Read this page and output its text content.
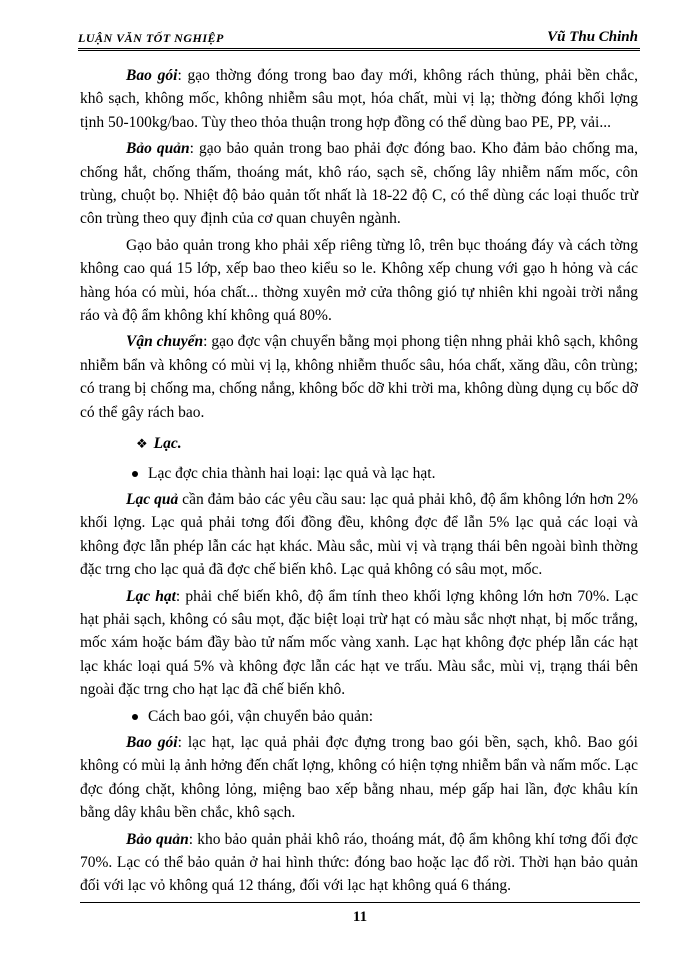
LUẬN VĂN TỐT NGHIỆP	Vũ Thu Chinh

Bao gói: gạo thờng đóng trong bao đay mới, không rách thủng, phải bền chắc, khô sạch, không mốc, không nhiễm sâu mọt, hóa chất, mùi vị lạ; thờng đóng khối lợng tịnh 50-100kg/bao. Tùy theo thỏa thuận trong hợp đồng có thể dùng bao PE, PP, vải...

Bảo quản: gạo bảo quản trong bao phải đợc đóng bao. Kho đảm bảo chống ma, chống hắt, chống thấm, thoáng mát, khô ráo, sạch sẽ, chống lây nhiễm nấm mốc, côn trùng, chuột bọ. Nhiệt độ bảo quản tốt nhất là 18-22 độ C, có thể dùng các loại thuốc trừ côn trùng theo quy định của cơ quan chuyên ngành.

Gạo bảo quản trong kho phải xếp riêng từng lô, trên bục thoáng đáy và cách tờng không cao quá 15 lớp, xếp bao theo kiểu so le. Không xếp chung với gạo h hỏng và các hàng hóa có mùi, hóa chất... thờng xuyên mở cửa thông gió tự nhiên khi ngoài trời nắng ráo và độ ẩm không khí không quá 80%.

Vận chuyển: gạo đợc vận chuyển bằng mọi phong tiện nhng phải khô sạch, không nhiễm bẩn và không có mùi vị lạ, không nhiễm thuốc sâu, hóa chất, xăng dầu, côn trùng; có trang bị chống ma, chống nắng, không bốc dỡ khi trời ma, không dùng dụng cụ bốc dỡ có thể gây rách bao.

❖ Lạc.

Lạc đợc chia thành hai loại: lạc quả và lạc hạt.

Lạc quả cần đảm bảo các yêu cầu sau: lạc quả phải khô, độ ẩm không lớn hơn 2% khối lợng. Lạc quả phải tơng đối đồng đều, không đợc để lẫn 5% lạc quả các loại và không đợc lẫn phép lẫn các hạt khác. Màu sắc, mùi vị và trạng thái bên ngoài bình thờng đặc trng cho lạc quả đã đợc chế biến khô. Lạc quả không có sâu mọt, mốc.

Lạc hạt: phải chế biến khô, độ ẩm tính theo khối lợng không lớn hơn 70%. Lạc hạt phải sạch, không có sâu mọt, đặc biệt loại trừ hạt có màu sắc nhợt nhạt, bị mốc trắng, mốc xám hoặc bám đầy bào tử nấm mốc vàng xanh. Lạc hạt không đợc phép lẫn các hạt lạc khác loại quá 5% và không đợc lẫn các hạt ve trấu. Màu sắc, mùi vị, trạng thái bên ngoài đặc trng cho hạt lạc đã chế biến khô.

Cách bao gói, vận chuyển bảo quản:

Bao gói: lạc hạt, lạc quả phải đợc đựng trong bao gói bền, sạch, khô. Bao gói không có mùi lạ ảnh hởng đến chất lợng, không có hiện tợng nhiễm bẩn và nấm mốc. Lạc đợc đóng chặt, không lỏng, miệng bao xếp bằng nhau, mép gấp hai lần, đợc khâu kín bằng dây khâu bền chắc, khô sạch.

Bảo quản: kho bảo quản phải khô ráo, thoáng mát, độ ẩm không khí tơng đối đợc 70%. Lạc có thể bảo quản ở hai hình thức: đóng bao hoặc lạc đổ rời. Thời hạn bảo quản đối với lạc vỏ không quá 12 tháng, đối với lạc hạt không quá 6 tháng.

11
